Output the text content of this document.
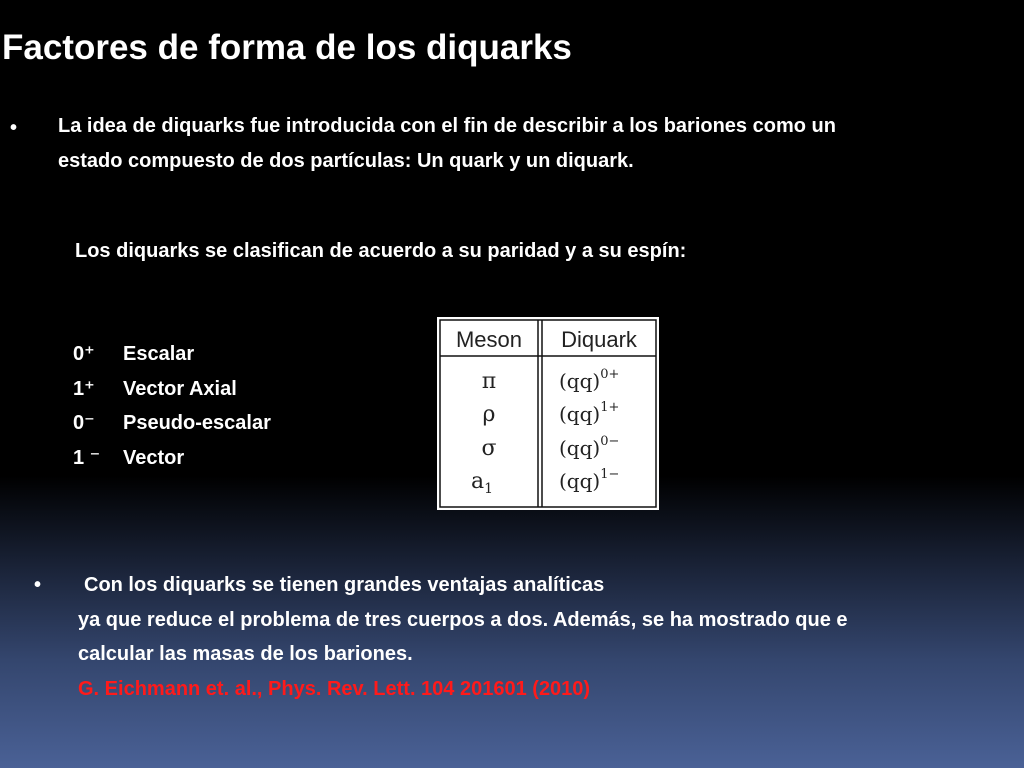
Factores de forma de los diquarks
• La idea de diquarks fue introducida con el fin de describir a los bariones como un
estado compuesto de dos partículas: Un quark y un diquark.
Los diquarks se clasifican de acuerdo a su paridad y a su espín:
0⁺ Escalar
1⁺ Vector Axial
0⁻ Pseudo-escalar
1 ⁻ Vector
Meson Diquark
π	(qq)$^{0+}$
ρ	(qq)$^{1+}$
σ	(qq)$^{0-}$
$a_1$	(qq)$^{1-}$
•	Con los diquarks se tienen grandes ventajas analíticas
ya que reduce el problema de tres cuerpos a dos. Además, se ha mostrado que e
calcular las masas de los bariones.
G. Eichmann et. al., Phys. Rev. Lett. 104 201601 (2010)
